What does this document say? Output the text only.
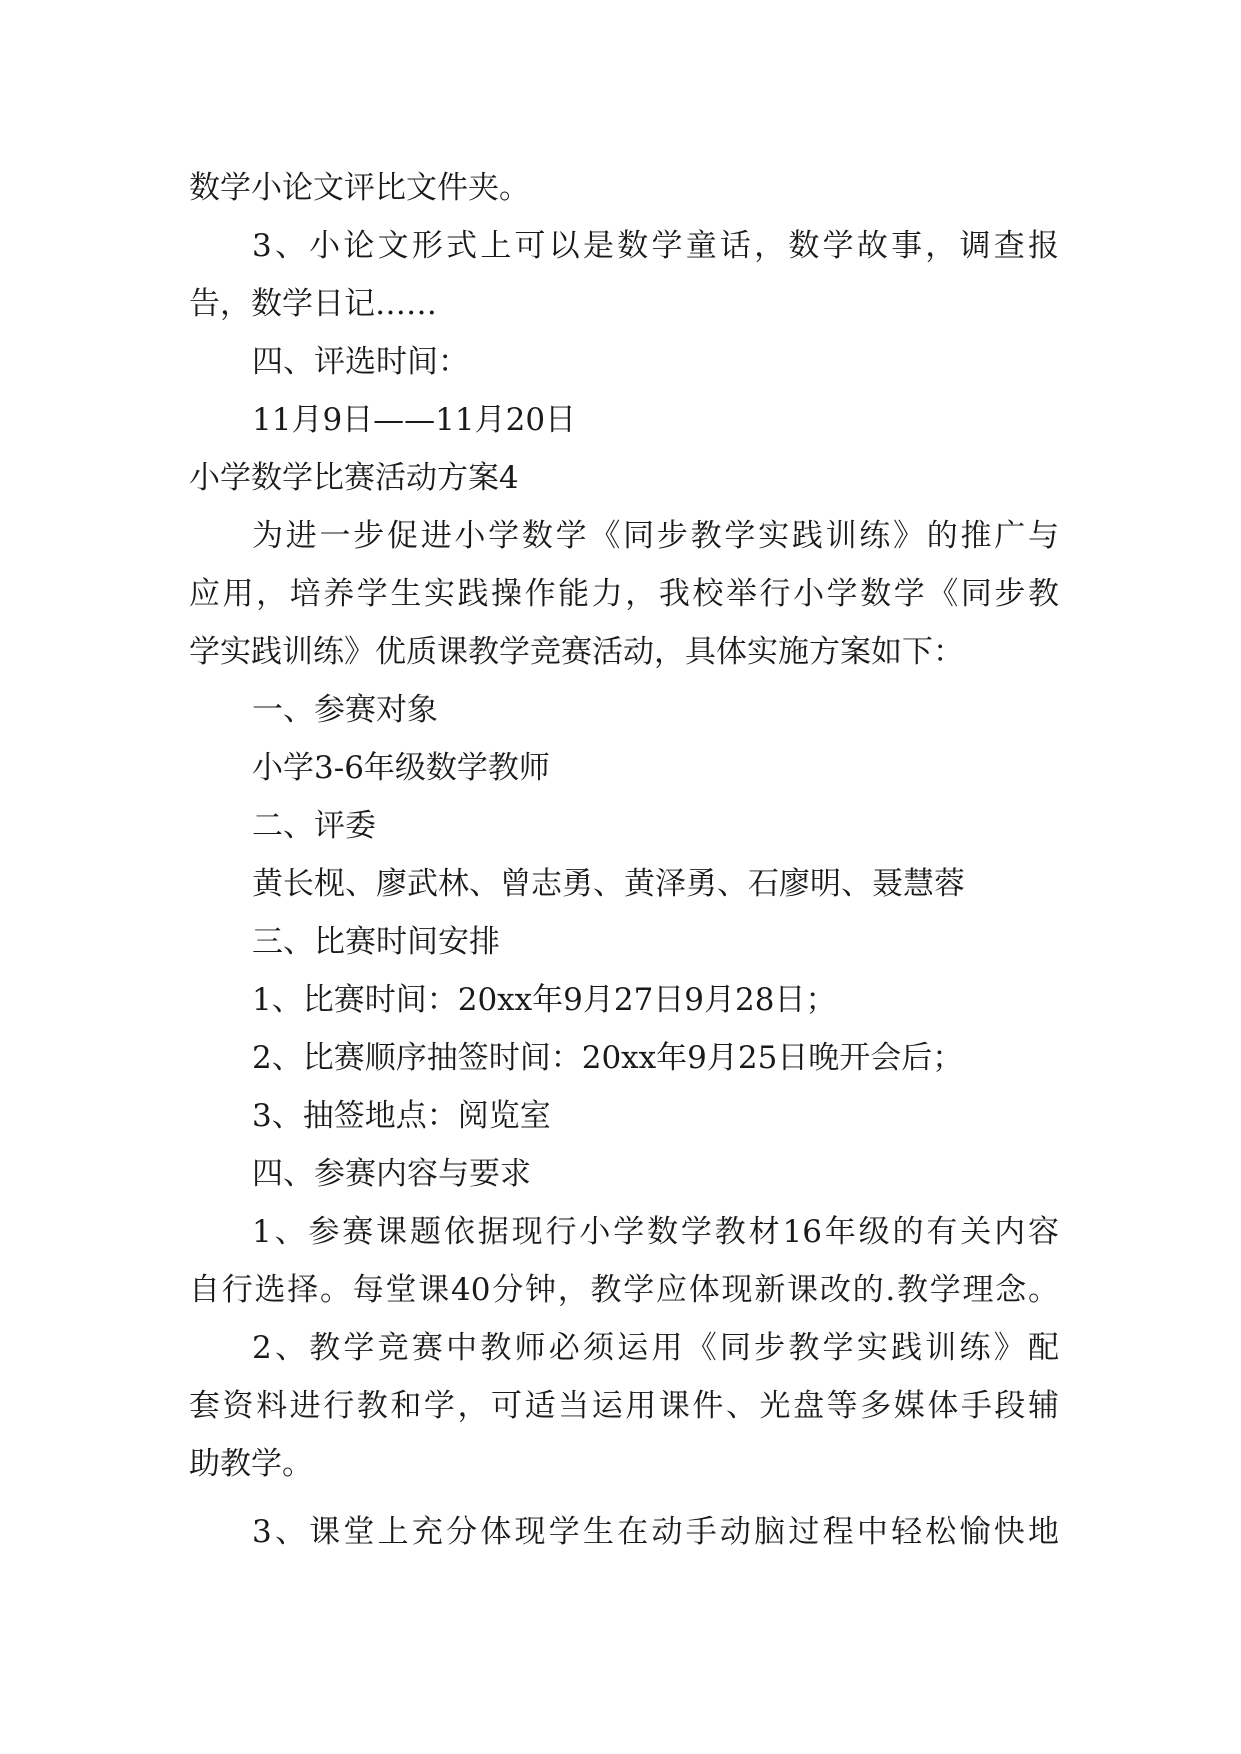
数学小论文评比文件夹。
3、小论文形式上可以是数学童话，数学故事，调查报
告，数学日记……
四、评选时间：
11月9日——11月20日
小学数学比赛活动方案4
为进一步促进小学数学《同步教学实践训练》的推广与
应用，培养学生实践操作能力，我校举行小学数学《同步教
学实践训练》优质课教学竞赛活动，具体实施方案如下：
一、参赛对象
小学3-6年级数学教师
二、评委
黄长枧、廖武林、曾志勇、黄泽勇、石廖明、聂慧蓉
三、比赛时间安排
1、比赛时间：20xx年9月27日9月28日；
2、比赛顺序抽签时间：20xx年9月25日晚开会后；
3、抽签地点：阅览室
四、参赛内容与要求
1、参赛课题依据现行小学数学教材16年级的有关内容
自行选择。每堂课40分钟，教学应体现新课改的.教学理念。
2、教学竞赛中教师必须运用《同步教学实践训练》配
套资料进行教和学，可适当运用课件、光盘等多媒体手段辅
助教学。
3、课堂上充分体现学生在动手动脑过程中轻松愉快地
